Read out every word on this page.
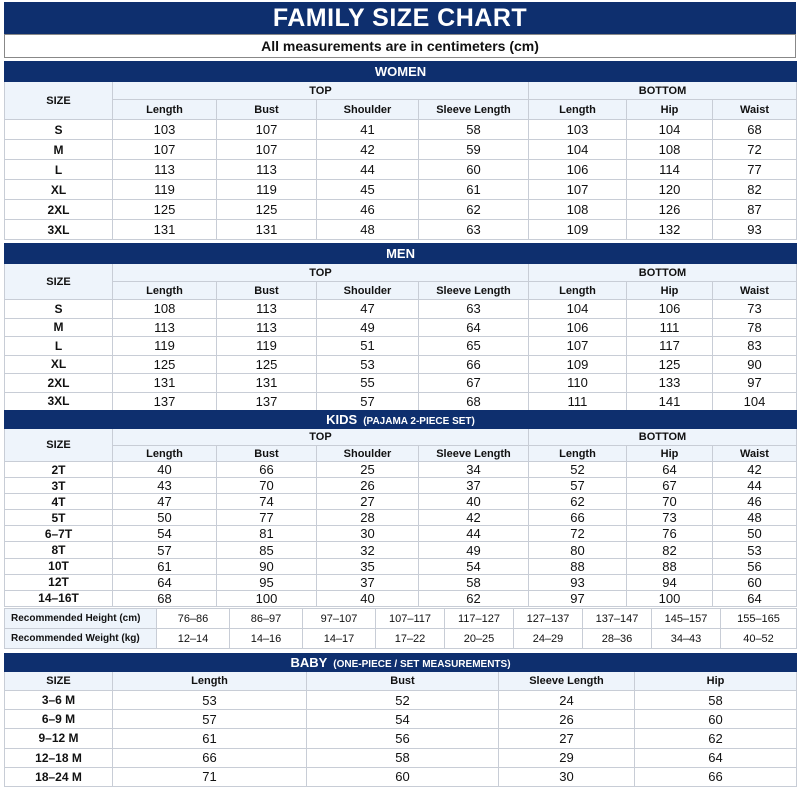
FAMILY SIZE CHART
All measurements are in centimeters (cm)
WOMEN							
SIZE	TOP				BOTTOM		
	Length	Bust	Shoulder	Sleeve Length	Length	Hip	Waist
S	103	107	41	58	103	104	68
M	107	107	42	59	104	108	72
L	113	113	44	60	106	114	77
XL	119	119	45	61	107	120	82
2XL	125	125	46	62	108	126	87
3XL	131	131	48	63	109	132	93
MEN							
SIZE	TOP				BOTTOM		
	Length	Bust	Shoulder	Sleeve Length	Length	Hip	Waist
S	108	113	47	63	104	106	73
M	113	113	49	64	106	111	78
L	119	119	51	65	107	117	83
XL	125	125	53	66	109	125	90
2XL	131	131	55	67	110	133	97
3XL	137	137	57	68	111	141	104
KIDS (PAJAMA 2-PIECE SET)							
SIZE	TOP				BOTTOM		
	Length	Bust	Shoulder	Sleeve Length	Length	Hip	Waist
2T	40	66	25	34	52	64	42
3T	43	70	26	37	57	67	44
4T	47	74	27	40	62	70	46
5T	50	77	28	42	66	73	48
6–7T	54	81	30	44	72	76	50
8T	57	85	32	49	80	82	53
10T	61	90	35	54	88	88	56
12T	64	95	37	58	93	94	60
14–16T	68	100	40	62	97	100	64
Recommended Height (cm)	76–86	86–97	97–107	107–117	117–127	127–137	137–147	145–157	155–165
Recommended Weight (kg)	12–14	14–16	14–17	17–22	20–25	24–29	28–36	34–43	40–52
BABY (ONE-PIECE / SET MEASUREMENTS)				
SIZE	Length	Bust	Sleeve Length	Hip
3–6 M	53	52	24	58
6–9 M	57	54	26	60
9–12 M	61	56	27	62
12–18 M	66	58	29	64
18–24 M	71	60	30	66
